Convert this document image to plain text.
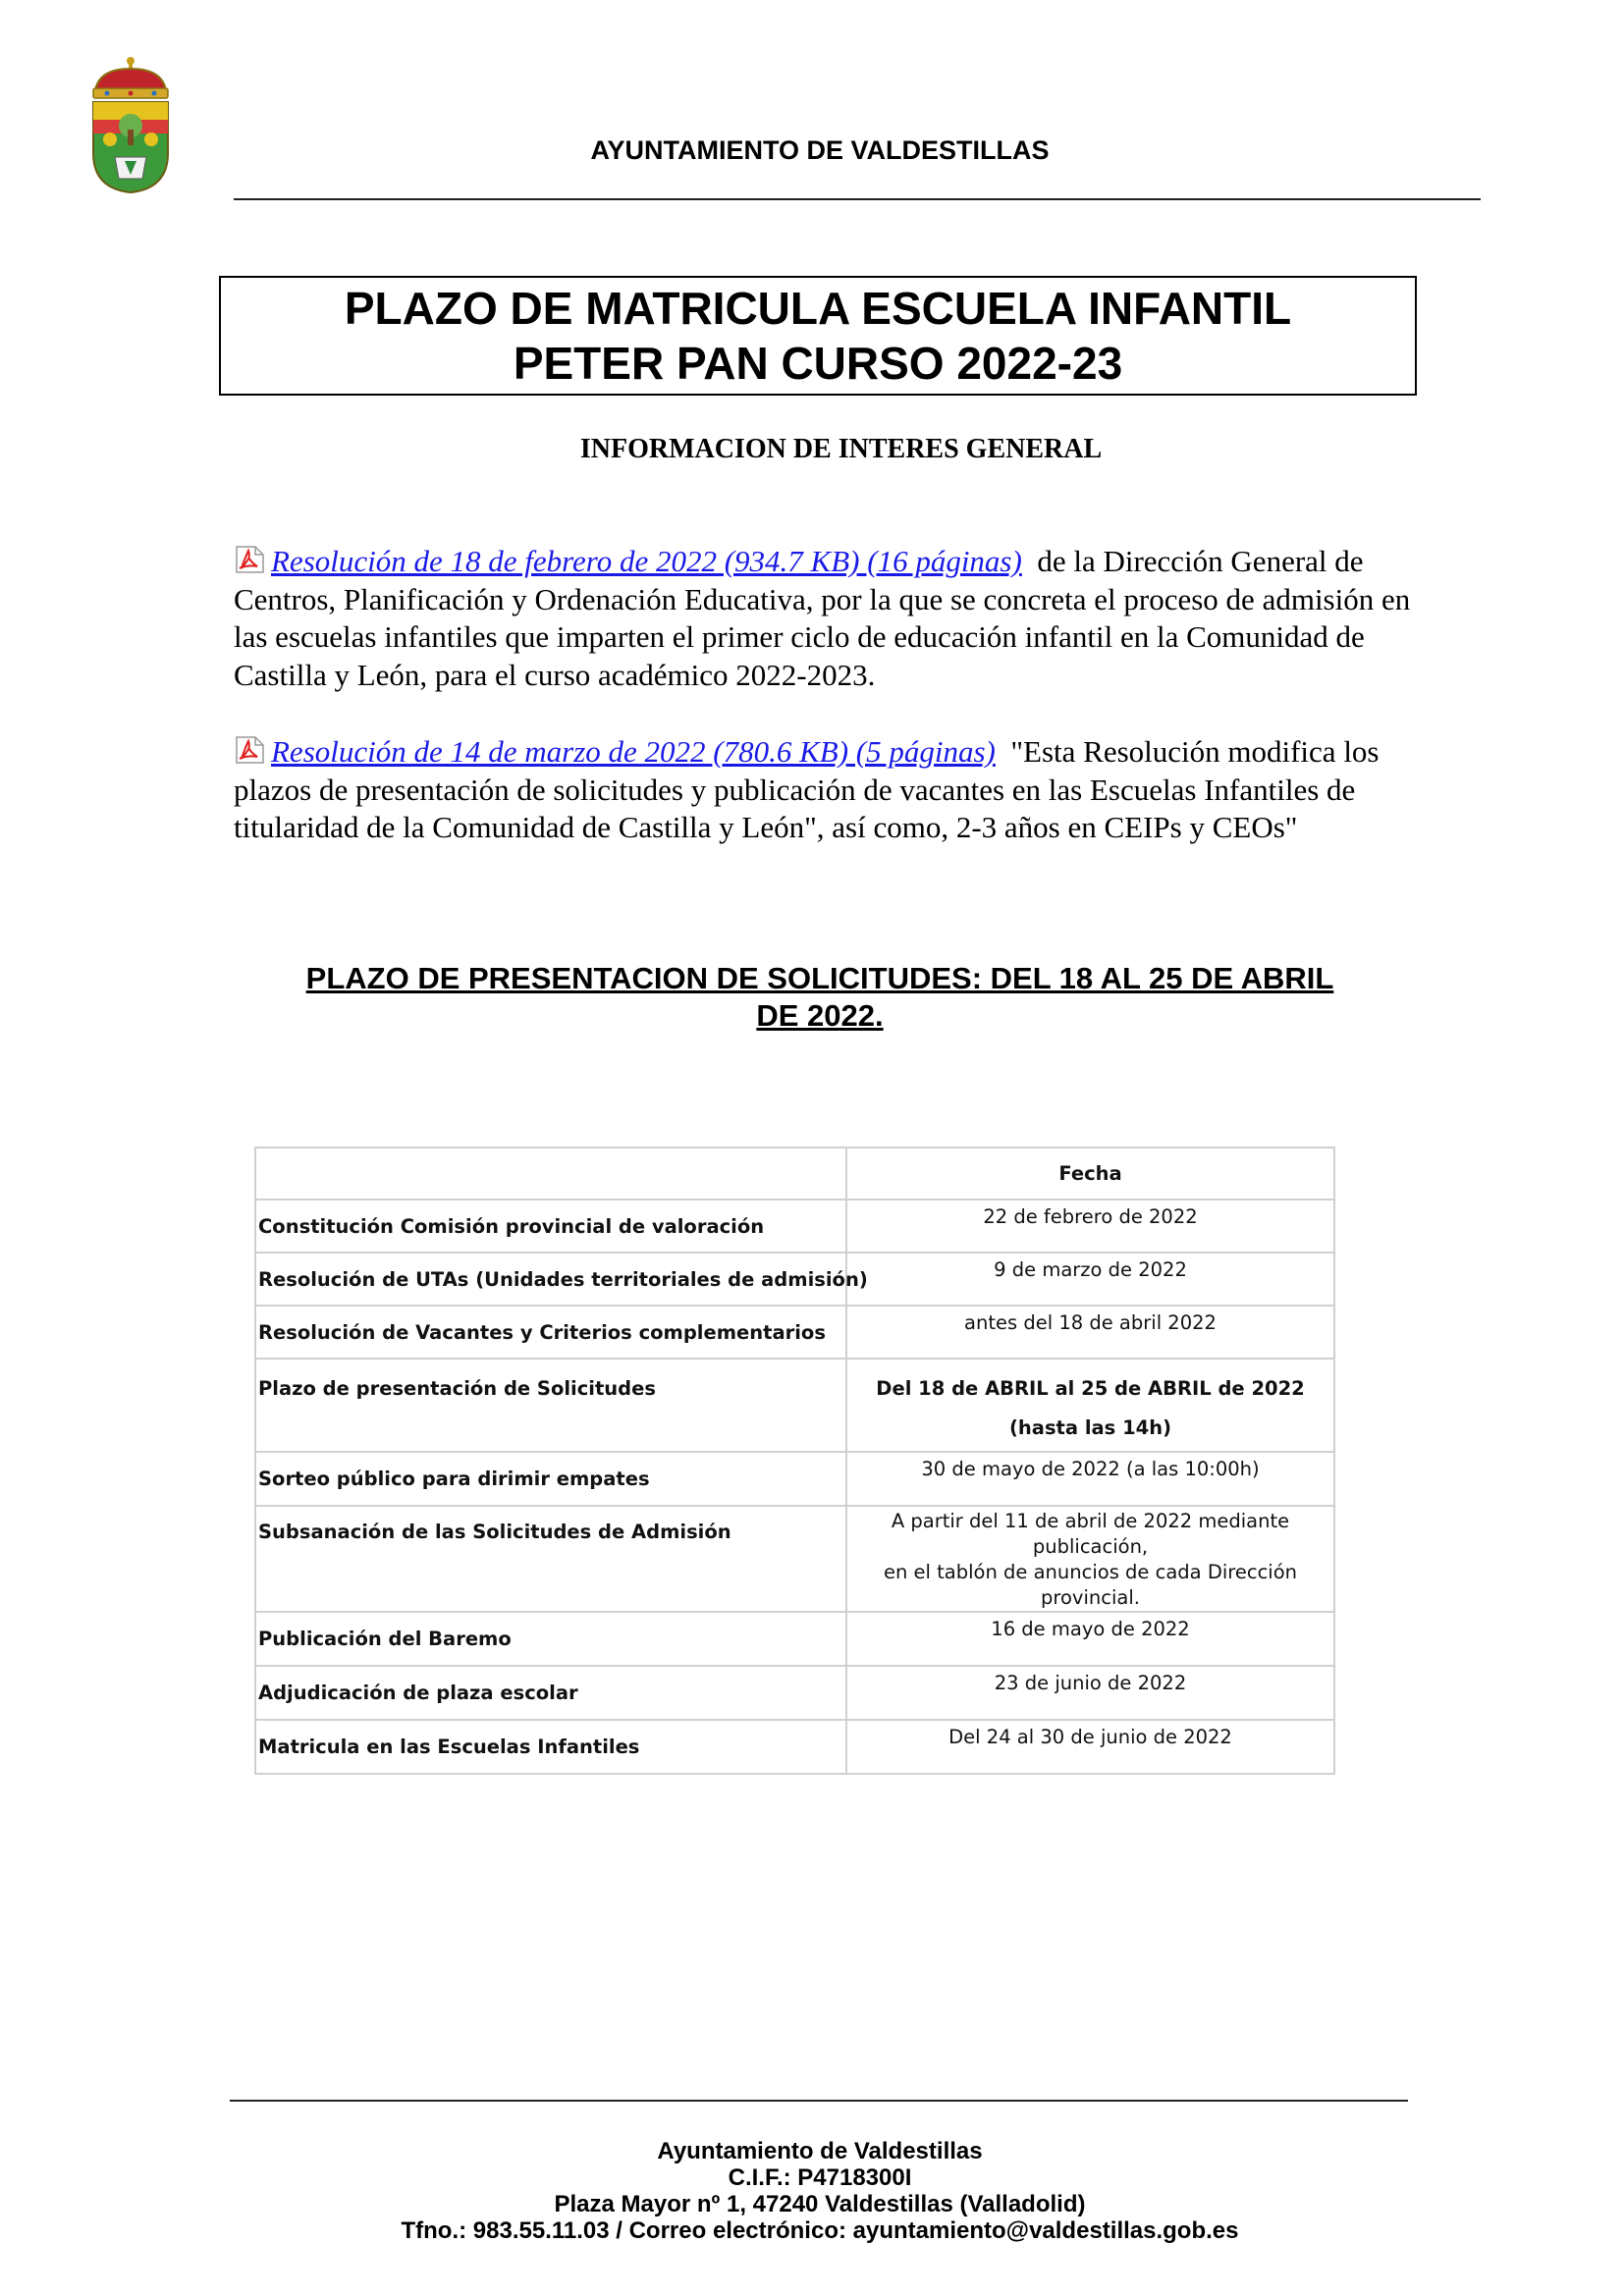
AYUNTAMIENTO DE VALDESTILLAS
PLAZO DE MATRICULA ESCUELA INFANTIL
PETER PAN CURSO 2022-23
INFORMACION DE INTERES GENERAL
Resolución de 18 de febrero de 2022 (934.7 KB) (16 páginas) de la Dirección General de Centros, Planificación y Ordenación Educativa, por la que se concreta el proceso de admisión en las escuelas infantiles que imparten el primer ciclo de educación infantil en la Comunidad de Castilla y León, para el curso académico 2022-2023.
Resolución de 14 de marzo de 2022 (780.6 KB) (5 páginas) "Esta Resolución modifica los plazos de presentación de solicitudes y publicación de vacantes en las Escuelas Infantiles de titularidad de la Comunidad de Castilla y León", así como, 2-3 años en CEIPs y CEOs"
PLAZO DE PRESENTACION DE SOLICITUDES: DEL 18 AL 25 DE ABRIL
DE 2022.
	Fecha
Constitución Comisión provincial de valoración	22 de febrero de 2022

Resolución de UTAs (Unidades territoriales de admisión)	9 de marzo de 2022

Resolución de Vacantes y Criterios complementarios	antes del 18 de abril 2022

Plazo de presentación de Solicitudes	Del 18 de ABRIL al 25 de ABRIL de 2022
(hasta las 14h)

Sorteo público para dirimir empates	30 de mayo de 2022 (a las 10:00h)

Subsanación de las Solicitudes de Admisión	A partir del 11 de abril de 2022 mediante publicación,
en el tablón de anuncios de cada Dirección
provincial.

Publicación del Baremo	16 de mayo de 2022

Adjudicación de plaza escolar	23 de junio de 2022

Matricula en las Escuelas Infantiles	Del 24 al 30 de junio de 2022
Ayuntamiento de Valdestillas
C.I.F.: P4718300I
Plaza Mayor nº 1, 47240 Valdestillas (Valladolid)
Tfno.: 983.55.11.03 / Correo electrónico: ayuntamiento@valdestillas.gob.es
